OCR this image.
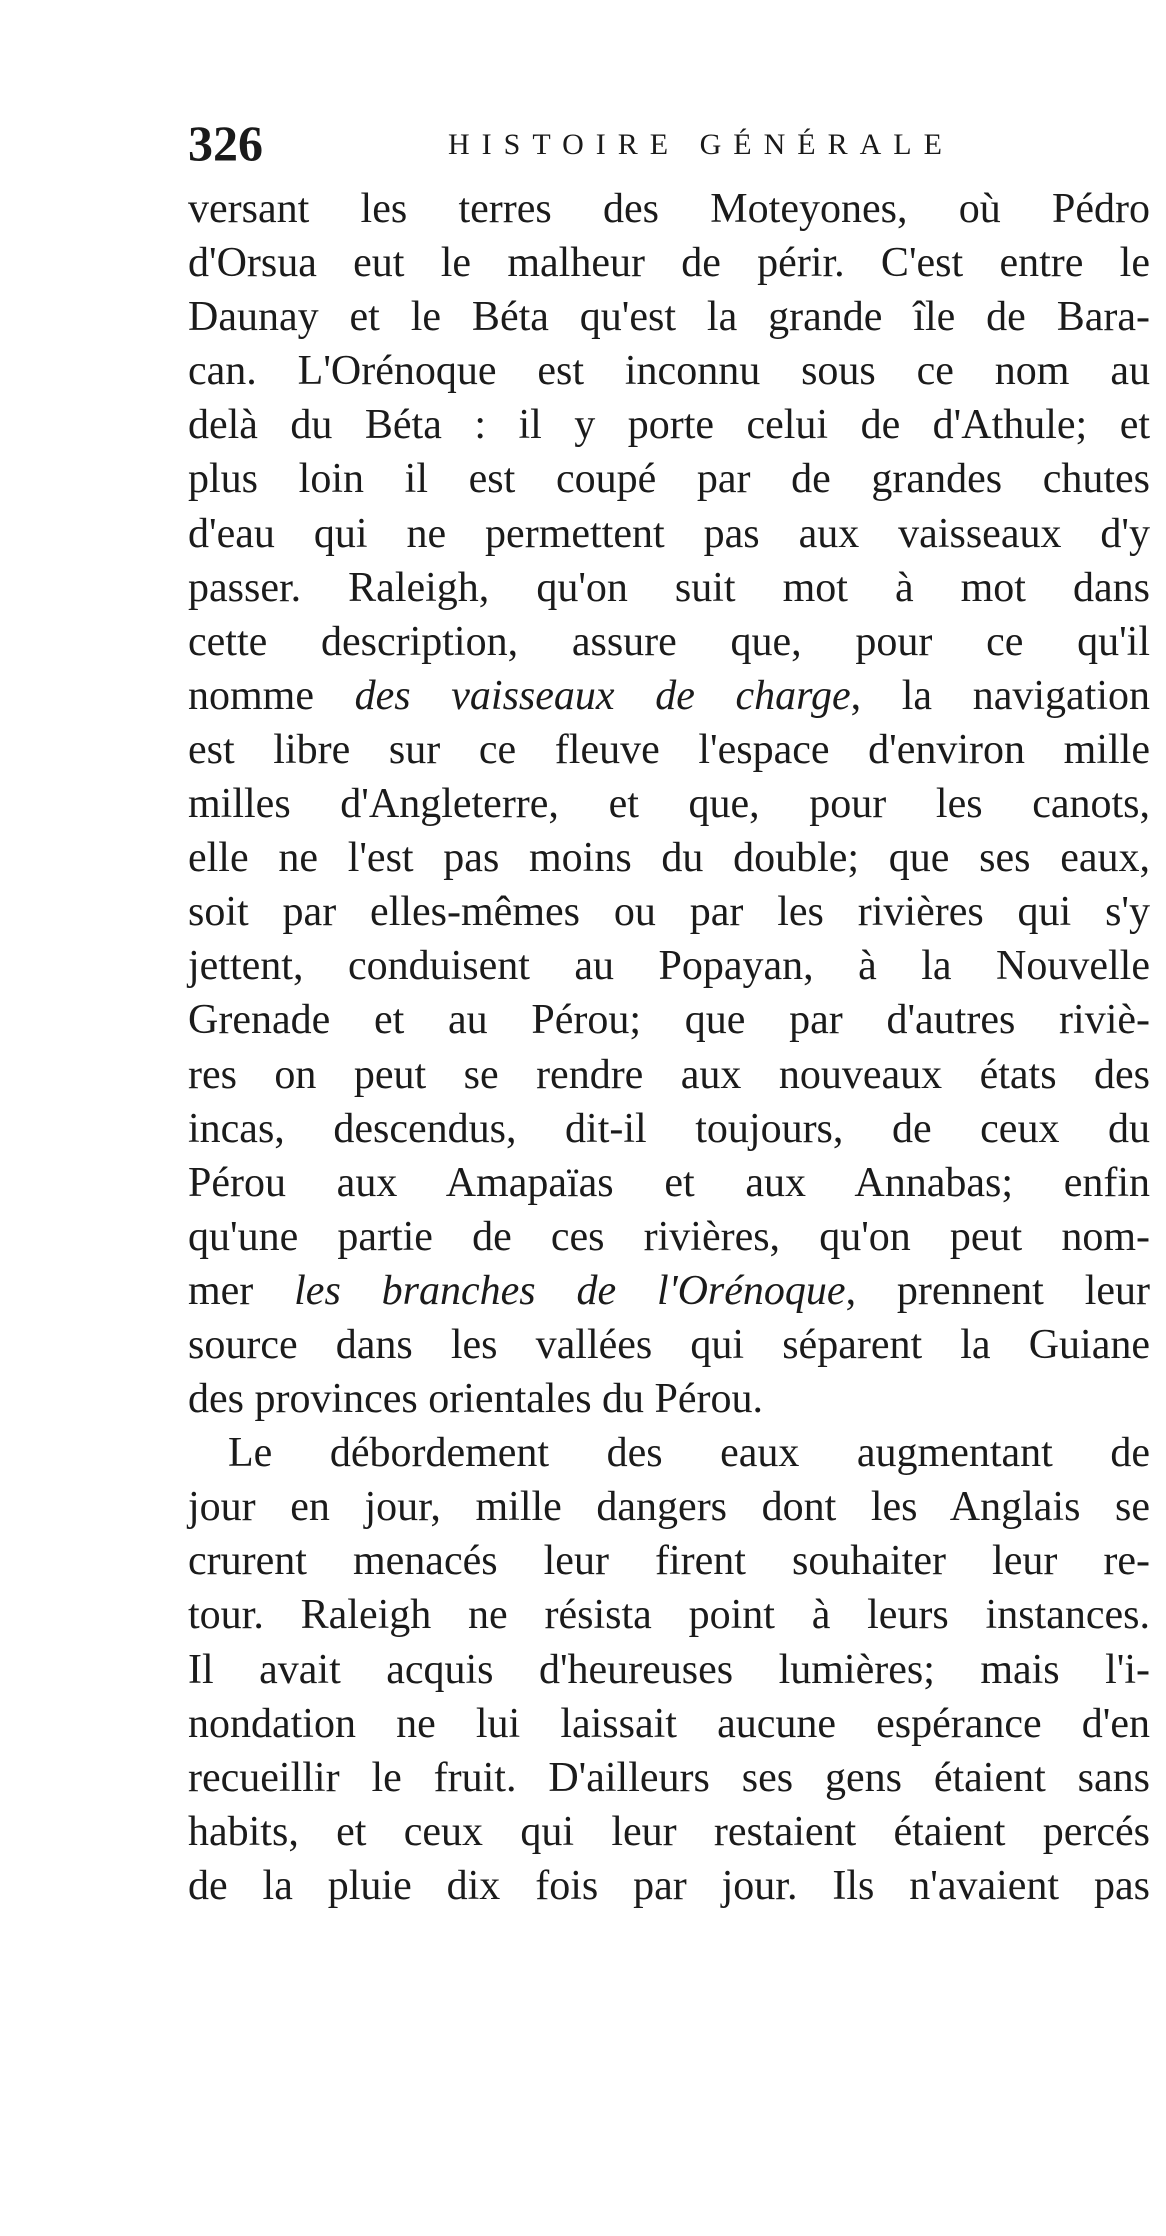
326	HISTOIRE GÉNÉRALE
versant les terres des Moteyones, où Pédro
d'Orsua eut le malheur de périr. C'est entre le
Daunay et le Béta qu'est la grande île de Bara-
can. L'Orénoque est inconnu sous ce nom au
delà du Béta : il y porte celui de d'Athule; et
plus loin il est coupé par de grandes chutes
d'eau qui ne permettent pas aux vaisseaux d'y
passer. Raleigh, qu'on suit mot à mot dans
cette description, assure que, pour ce qu'il
nomme des vaisseaux de charge, la navigation
est libre sur ce fleuve l'espace d'environ mille
milles d'Angleterre, et que, pour les canots,
elle ne l'est pas moins du double; que ses eaux,
soit par elles-mêmes ou par les rivières qui s'y
jettent, conduisent au Popayan, à la Nouvelle
Grenade et au Pérou; que par d'autres riviè-
res on peut se rendre aux nouveaux états des
incas, descendus, dit-il toujours, de ceux du
Pérou aux Amapaïas et aux Annabas; enfin
qu'une partie de ces rivières, qu'on peut nom-
mer les branches de l'Orénoque, prennent leur
source dans les vallées qui séparent la Guiane
des provinces orientales du Pérou.
Le débordement des eaux augmentant de
jour en jour, mille dangers dont les Anglais se
crurent menacés leur firent souhaiter leur re-
tour. Raleigh ne résista point à leurs instances.
Il avait acquis d'heureuses lumières; mais l'i-
nondation ne lui laissait aucune espérance d'en
recueillir le fruit. D'ailleurs ses gens étaient sans
habits, et ceux qui leur restaient étaient percés
de la pluie dix fois par jour. Ils n'avaient pas
